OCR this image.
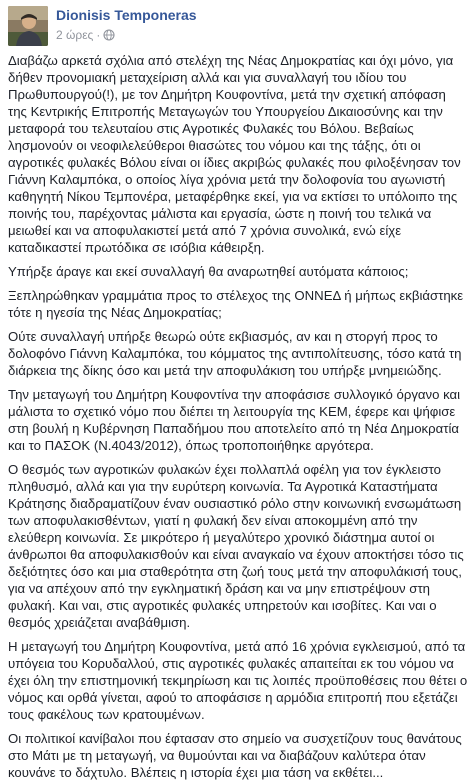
Dionisis Temponeras
2 ώρες ·

Διαβάζω αρκετά σχόλια από στελέχη της Νέας Δημοκρατίας και όχι μόνο, για δήθεν προνομιακή μεταχείριση αλλά και για συναλλαγή του ιδίου του Πρωθυπουργού(!), με τον Δημήτρη Κουφοντίνα, μετά την σχετική απόφαση της Κεντρικής Επιτροπής Μεταγωγών του Υπουργείου Δικαιοσύνης και την μεταφορά του τελευταίου στις Αγροτικές Φυλακές του Βόλου. Βεβαίως λησμονούν οι νεοφιλελεύθεροι θιασώτες του νόμου και της τάξης, ότι οι αγροτικές φυλακές Βόλου είναι οι ίδιες ακριβώς φυλακές που φιλοξένησαν τον Γιάννη Καλαμπόκα, ο οποίος λίγα χρόνια μετά την δολοφονία του αγωνιστή καθηγητή Νίκου Τεμπονέρα, μεταφέρθηκε εκεί, για να εκτίσει το υπόλοιπο της ποινής του, παρέχοντας μάλιστα και εργασία, ώστε η ποινή του τελικά να μειωθεί και να αποφυλακιστεί μετά από 7 χρόνια συνολικά, ενώ είχε καταδικαστεί πρωτόδικα σε ισόβια κάθειρξη.

Υπήρξε άραγε και εκεί συναλλαγή θα αναρωτηθεί αυτόματα κάποιος;

Ξεπληρώθηκαν γραμμάτια προς το στέλεχος της ΟΝΝΕΔ ή μήπως εκβιάστηκε τότε η ηγεσία της Νέας Δημοκρατίας;

Ούτε συναλλαγή υπήρξε θεωρώ ούτε εκβιασμός, αν και η στοργή προς το δολοφόνο Γιάννη Καλαμπόκα, του κόμματος της αντιπολίτευσης, τόσο κατά τη διάρκεια της δίκης όσο και μετά την αποφυλάκιση του υπήρξε μνημειώδης.

Την μεταγωγή του Δημήτρη Κουφοντίνα την αποφάσισε συλλογικό όργανο και μάλιστα το σχετικό νόμο που διέπει τη λειτουργία της ΚΕΜ, έφερε και ψήφισε στη βουλή η Κυβέρνηση Παπαδήμου που αποτελείτο από τη Νέα Δημοκρατία και το ΠΑΣΟΚ (Ν.4043/2012), όπως τροποποιήθηκε αργότερα.

Ο θεσμός των αγροτικών φυλακών έχει πολλαπλά οφέλη για τον έγκλειστο πληθυσμό, αλλά και για την ευρύτερη κοινωνία. Τα Αγροτικά Καταστήματα Κράτησης διαδραματίζουν έναν ουσιαστικό ρόλο στην κοινωνική ενσωμάτωση των αποφυλακισθέντων, γιατί η φυλακή δεν είναι αποκομμένη από την ελεύθερη κοινωνία. Σε μικρότερο ή μεγαλύτερο χρονικό διάστημα αυτοί οι άνθρωποι θα αποφυλακισθούν και είναι αναγκαίο να έχουν αποκτήσει τόσο τις δεξιότητες όσο και μια σταθερότητα στη ζωή τους μετά την αποφυλάκισή τους, για να απέχουν από την εγκληματική δράση και να μην επιστρέψουν στη φυλακή. Και ναι, στις αγροτικές φυλακές υπηρετούν και ισοβίτες. Και ναι ο θεσμός χρειάζεται αναβάθμιση.

Η μεταγωγή του Δημήτρη Κουφοντίνα, μετά από 16 χρόνια εγκλεισμού, από τα υπόγεια του Κορυδαλλού, στις αγροτικές φυλακές απαιτείται εκ του νόμου να έχει όλη την επιστημονική τεκμηρίωση και τις λοιπές προϋποθέσεις που θέτει ο νόμος και ορθά γίνεται, αφού το αποφάσισε η αρμόδια επιτροπή που εξετάζει τους φακέλους των κρατουμένων.

Οι πολιτικοί κανίβαλοι που έφτασαν στο σημείο να συσχετίζουν τους θανάτους στο Μάτι με τη μεταγωγή, να θυμούνται και να διαβάζουν καλύτερα όταν κουνάνε το δάχτυλο. Βλέπεις η ιστορία έχει μια τάση να εκθέτει...
